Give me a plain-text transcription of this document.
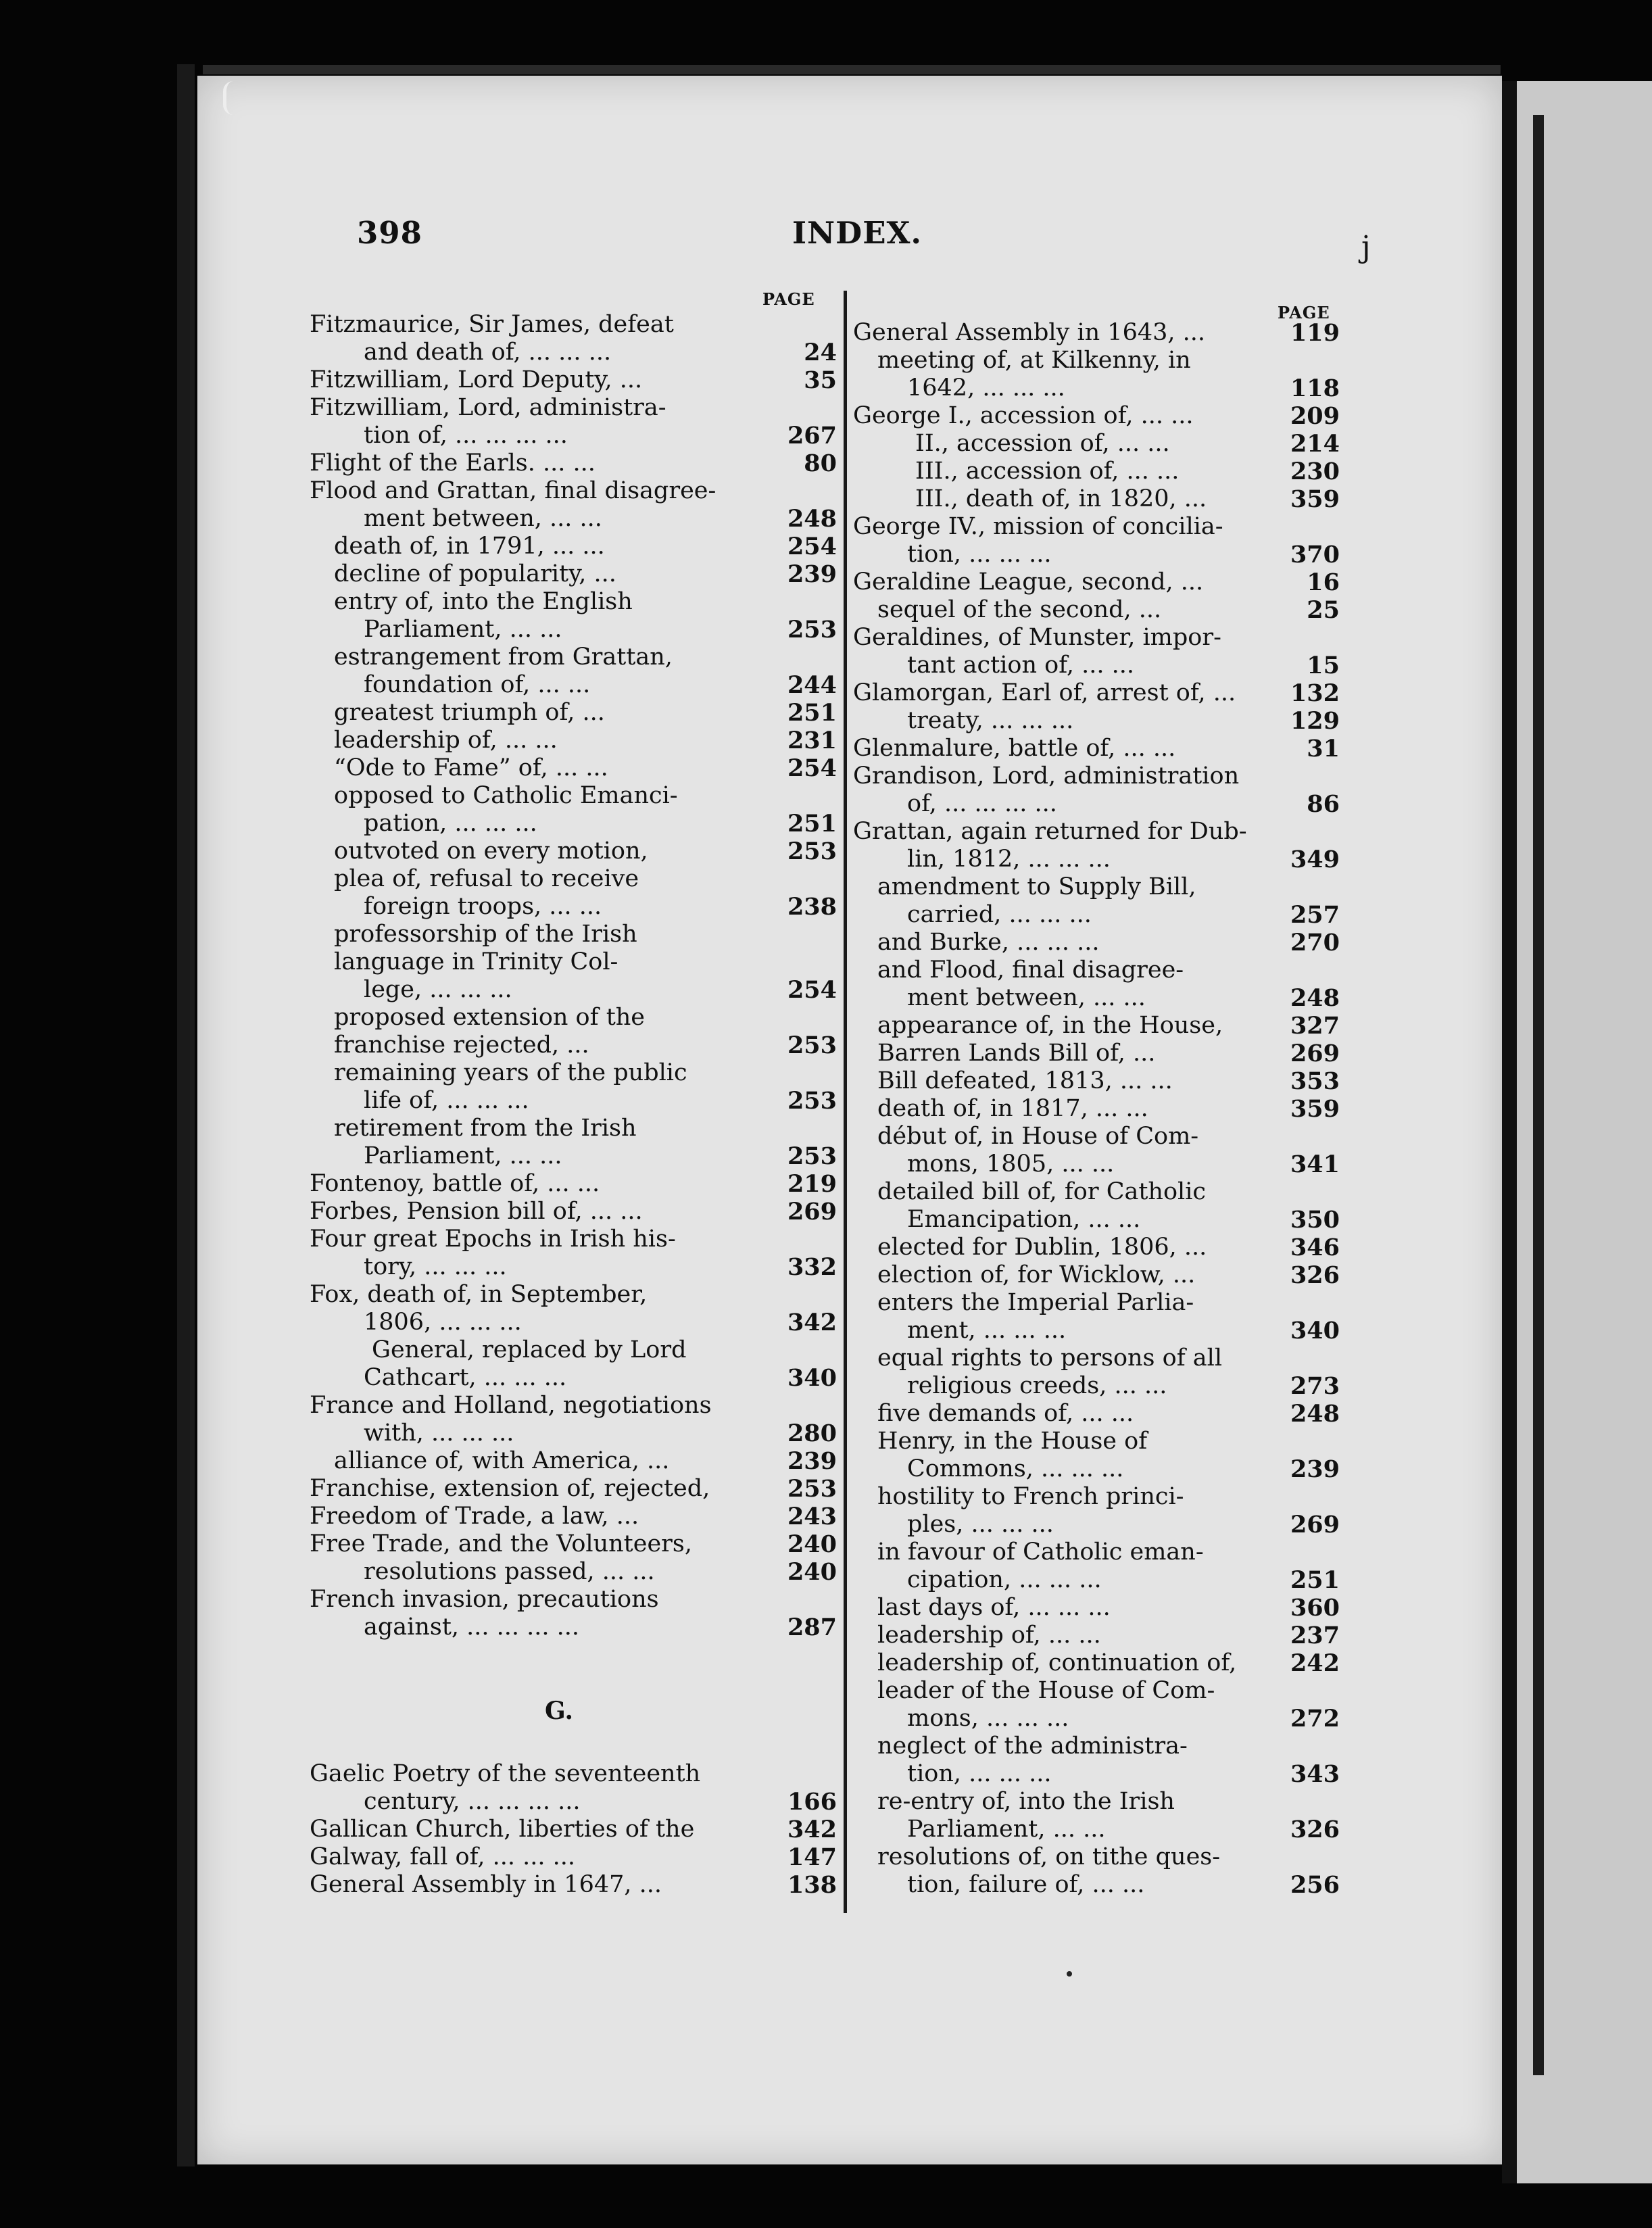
398	INDEX.	j
PAGE
PAGE
Fitzmaurice, Sir James, defeat
and death of, ... ... ...	24
Fitzwilliam, Lord Deputy, ...	35
Fitzwilliam, Lord, administra-
tion of, ... ... ... ...	267
Flight of the Earls. ... ...	80
Flood and Grattan, final disagree-
ment between, ... ...	248
death of, in 1791, ... ...	254
decline of popularity, ...	239
entry of, into the English
Parliament, ... ...	253
estrangement from Grattan,
foundation of, ... ...	244
greatest triumph of, ...	251
leadership of, ... ...	231
“Ode to Fame” of, ... ...	254
opposed to Catholic Emanci-
pation, ... ... ...	251
outvoted on every motion,	253
plea of, refusal to receive
foreign troops, ... ...	238
professorship of the Irish
language in Trinity Col-
lege, ... ... ...	254
proposed extension of the
franchise rejected, ...	253
remaining years of the public
life of, ... ... ...	253
retirement from the Irish
Parliament, ... ...	253
Fontenoy, battle of, ... ...	219
Forbes, Pension bill of, ... ...	269
Four great Epochs in Irish his-
tory, ... ... ...	332
Fox, death of, in September,
1806, ... ... ...	342
General, replaced by Lord
Cathcart, ... ... ...	340
France and Holland, negotiations
with, ... ... ...	280
alliance of, with America, ...	239
Franchise, extension of, rejected,	253
Freedom of Trade, a law, ...	243
Free Trade, and the Volunteers,	240
resolutions passed, ... ...	240
French invasion, precautions
against, ... ... ... ...	287
Gaelic Poetry of the seventeenth
century, ... ... ... ...	166
Gallican Church, liberties of the	342
Galway, fall of, ... ... ...	147
General Assembly in 1647, ...	138
G.
General Assembly in 1643, ...	119
meeting of, at Kilkenny, in
1642, ... ... ...	118
George I., accession of, ... ...	209
II., accession of, ... ...	214
III., accession of, ... ...	230
III., death of, in 1820, ...	359
George IV., mission of concilia-
tion, ... ... ...	370
Geraldine League, second, ...	16
sequel of the second, ...	25
Geraldines, of Munster, impor-
tant action of, ... ...	15
Glamorgan, Earl of, arrest of, ... 132
treaty, ... ... ...	129
Glenmalure, battle of, ... ...	31
Grandison, Lord, administration
of, ... ... ... ...	86
Grattan, again returned for Dub-
lin, 1812, ... ... ...	349
amendment to Supply Bill,
carried, ... ... ...	257
and Burke, ... ... ...	270
and Flood, final disagree-
ment between, ... ...	248
appearance of, in the House,	327
Barren Lands Bill of, ...	269
Bill defeated, 1813, ... ...	353
death of, in 1817, ... ...	359
début of, in House of Com-
mons, 1805, ... ...	341
detailed bill of, for Catholic
Emancipation, ... ...	350
elected for Dublin, 1806, ...	346
election of, for Wicklow, ...	326
enters the Imperial Parlia-
ment, ... ... ...	340
equal rights to persons of all
religious creeds, ... ...	273
five demands of, ... ...	248
Henry, in the House of
Commons, ... ... ...	239
hostility to French princi-
ples, ... ... ...	269
in favour of Catholic eman-
cipation, ... ... ...	251
last days of, ... ... ...	360
leadership of, ... ...	237
leadership of, continuation of, 242
leader of the House of Com-
mons, ... ... ...	272
neglect of the administra-
tion, ... ... ...	343
re-entry of, into the Irish
Parliament, ... ...	326
resolutions of, on tithe ques-
tion, failure of, ... ...	256
